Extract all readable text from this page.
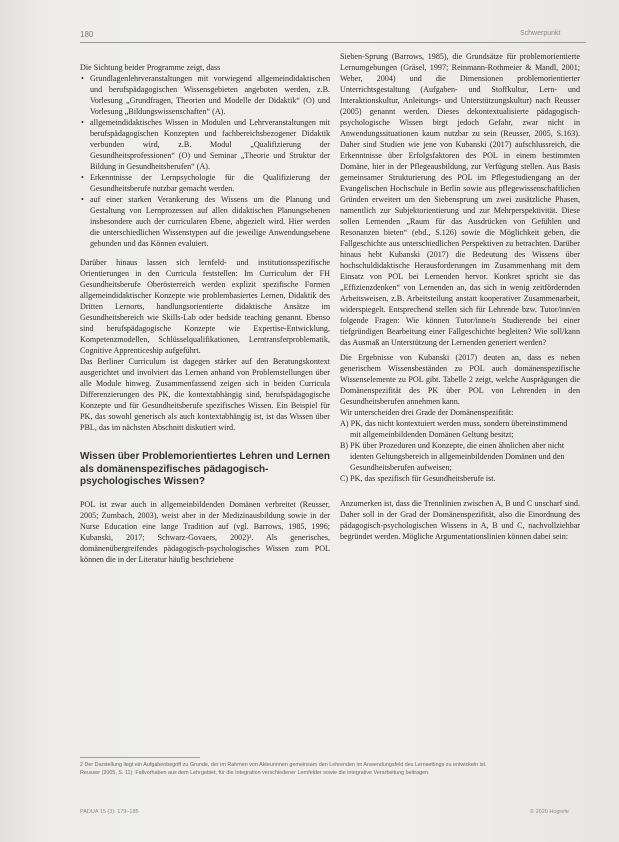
180	Schwerpunkt

Die Sichtung beider Programme zeigt, dass

• Grundlagenlehrveranstaltungen mit vorwiegend allgemeindidaktischen und berufspädagogischen Wissensgebieten angeboten werden, z.B. Vorlesung „Grundfragen, Theorien und Modelle der Didaktik“ (O) und Vorlesung „Bildungswissenschaften“ (A).
• allgemeindidaktisches Wissen in Modulen und Lehrveranstaltungen mit berufspädagogischen Konzepten und fachbereichsbezogener Didaktik verbunden wird, z.B. Modul „Qualifizierung der Gesundheitsprofessionen“ (O) und Seminar „Theorie und Struktur der Bildung in Gesundheitsberufen“ (A).
• Erkenntnisse der Lernpsychologie für die Qualifizierung der Gesundheitsberufe nutzbar gemacht werden.
• auf einer starken Verankerung des Wissens um die Planung und Gestaltung von Lernprozessen auf allen didaktischen Planungsebenen insbesondere auch der curricularen Ebene, abgezielt wird. Hier werden die unterschiedlichen Wissenstypen auf die jeweilige Anwendungsebene gebunden und das Können evaluiert.

Darüber hinaus lassen sich lernfeld- und institutionsspezifische Orientierungen in den Curricula feststellen: Im Curriculum der FH Gesundheitsberufe Oberösterreich werden explizit spezifische Formen allgemeindidaktischer Konzepte wie problembasiertes Lernen, Didaktik des Dritten Lernorts, handlungsorientierte didaktische Ansätze im Gesundheitsbereich wie Skills-Lab oder bedside teaching genannt. Ebenso sind berufspädagogische Konzepte wie Expertise-Entwicklung, Kompetenzmodellen, Schlüsselqualifikationen, Lerntransferproblematik, Cognitive Apprenticeship aufgeführt.

Das Berliner Curriculum ist dagegen stärker auf den Beratungskontext ausgerichtet und involviert das Lernen anhand von Problemstellungen über alle Module hinweg. Zusammenfassend zeigen sich in beiden Curricula Differenzierungen des PK, die kontextabhängig sind, berufspädagogische Konzepte und für Gesundheitsberufe spezifisches Wissen. Ein Beispiel für PK, das sowohl generisch als auch kontextabhängig ist, ist das Wissen über PBL, das im nächsten Abschnitt diskutiert wird.

Wissen über Problemorientiertes Lehren und Lernen als domänenspezifisches pädagogisch-psychologisches Wissen?

POL ist zwar auch in allgemeinbildenden Domänen verbreitet (Reusser, 2005; Zumbach, 2003), weist aber in der Medizinausbildung sowie in der Nurse Education eine lange Tradition auf (vgl. Barrows, 1985, 1996; Kubanski, 2017; Schwarz-Govaers, 2002)². Als generisches, domänenübergreifendes pädagogisch-psychologisches Wissen zum POL können die in der Literatur häufig beschriebene

Sieben-Sprung (Barrows, 1985), die Grundsätze für problemorientierte Lernumgebungen (Gräsel, 1997; Reinmann-Rothmeier & Mandl, 2001; Weber, 2004) und die Dimensionen problemorientierter Unterrichtsgestaltung (Aufgaben- und Stoffkultur, Lern- und Interaktionskultur, Anleitungs- und Unterstützungskultur) nach Reusser (2005) genannt werden. Dieses dekontextualisierte pädagogisch-psychologische Wissen birgt jedoch Gefahr, zwar nicht in Anwendungssituationen kaum nutzbar zu sein (Reusser, 2005, S.163). Daher sind Studien wie jene von Kubanski (2017) aufschlussreich, die Erkenntnisse über Erfolgsfaktoren des POL in einem bestimmten Domäne, hier in der Pflegeausbildung, zur Verfügung stellen. Aus Basis gemeinsamer Strukturierung des POL im Pflegestudiengang an der Evangelischen Hochschule in Berlin sowie aus pflegewissenschaftlichen Gründen erweitert um den Siebensprung um zwei zusätzliche Phasen, namentlich zur Subjektorientierung und zur Mehrperspektivität. Diese sollen Lernenden „Raum für das Ausdrücken von Gefühlen und Resonanzen bieten“ (ebd., S.126) sowie die Möglichkeit geben, die Fallgeschichte aus unterschiedlichen Perspektiven zu betrachten. Darüber hinaus hebt Kubanski (2017) die Bedeutung des Wissens über hochschuldidaktische Herausforderungen im Zusammenhang mit dem Einsatz von POL bei Lernenden hervor. Konkret spricht sie das „Effizienzdenken“ von Lernenden an, das sich in wenig zeitfördernden Arbeitsweisen, z.B. Arbeitsteilung anstatt kooperativer Zusammenarbeit, widerspiegelt. Entsprechend stellen sich für Lehrende bzw. Tutor/inn/en folgende Fragen: Wie können Tutor/inne/n Studierende bei einer tiefgründigen Bearbeitung einer Fallgeschichte begleiten? Wie soll/kann das Ausmaß an Unterstützung der Lernenden generiert werden?

Die Ergebnisse von Kubanski (2017) deuten an, dass es neben generischem Wissensbeständen zu POL auch domänenspezifische Wissenselemente zu POL gibt. Tabelle 2 zeigt, welche Ausprägungen die Domänenspezifität des PK über POL von Lehrenden in den Gesundheitsberufen annehmen kann.

Wir unterscheiden drei Grade der Domänenspezifität:

A) PK, das nicht kontextuiert werden muss, sondern übereinstimmend mit allgemeinbildenden Domänen Geltung besitzt;
B) PK über Prozeduren und Konzepte, die einen ähnlichen aber nicht identen Geltungsbereich in allgemeinbildenden Domänen und den Gesundheitsberufen aufweisen;
C) PK, das spezifisch für Gesundheitsberufe ist.

Anzumerken ist, dass die Trennlinien zwischen A, B und C unscharf sind. Daher soll in der Grad der Domänenspezifität, also die Einordnung des pädagogisch-psychologischen Wissens in A, B und C, nachvollziehbar begründet werden. Mögliche Argumentationslinien können dabei sein:

2 Der Darstellung liegt ein Aufgabenbegriff zu Grunde, der im Rahmen von Akteurinnen gemeinsam den Lehrenden im Anwendungsfeld des Lernsettings zu entwickeln ist.
Reusser (2005, S. 11): Fallvorhaben aus dem Lehrgebiet, für die Integration verschiedener Lernfelder sowie die integrative Verarbeitung beitragen.
PADUA 15 (3): 179–185	© 2020 Hogrefe
